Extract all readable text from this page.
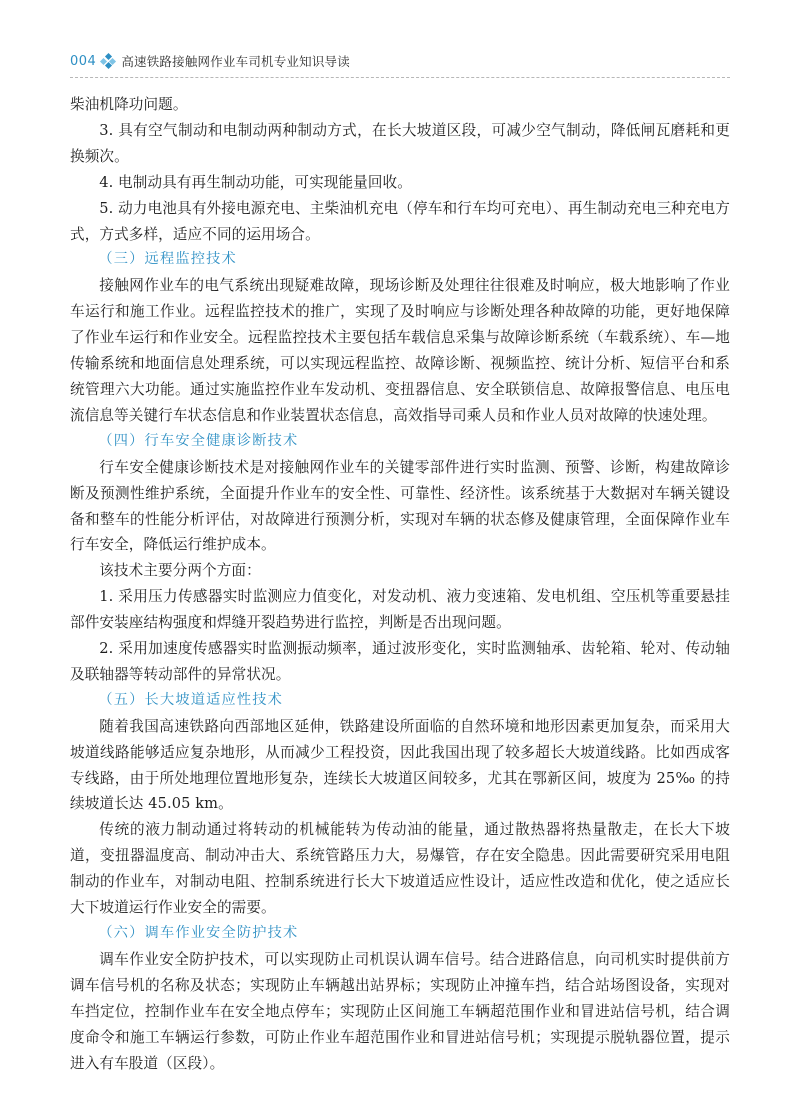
004 高速铁路接触网作业车司机专业知识导读

柴油机降功问题。

3. 具有空气制动和电制动两种制动方式，在长大坡道区段，可减少空气制动，降低闸瓦磨耗和更换频次。

4. 电制动具有再生制动功能，可实现能量回收。

5. 动力电池具有外接电源充电、主柴油机充电（停车和行车均可充电）、再生制动充电三种充电方式，方式多样，适应不同的运用场合。

（三）远程监控技术

接触网作业车的电气系统出现疑难故障，现场诊断及处理往往很难及时响应，极大地影响了作业车运行和施工作业。远程监控技术的推广，实现了及时响应与诊断处理各种故障的功能，更好地保障了作业车运行和作业安全。远程监控技术主要包括车载信息采集与故障诊断系统（车载系统）、车—地传输系统和地面信息处理系统，可以实现远程监控、故障诊断、视频监控、统计分析、短信平台和系统管理六大功能。通过实施监控作业车发动机、变扭器信息、安全联锁信息、故障报警信息、电压电流信息等关键行车状态信息和作业装置状态信息，高效指导司乘人员和作业人员对故障的快速处理。

（四）行车安全健康诊断技术

行车安全健康诊断技术是对接触网作业车的关键零部件进行实时监测、预警、诊断，构建故障诊断及预测性维护系统，全面提升作业车的安全性、可靠性、经济性。该系统基于大数据对车辆关键设备和整车的性能分析评估，对故障进行预测分析，实现对车辆的状态修及健康管理，全面保障作业车行车安全，降低运行维护成本。

该技术主要分两个方面：

1. 采用压力传感器实时监测应力值变化，对发动机、液力变速箱、发电机组、空压机等重要悬挂部件安装座结构强度和焊缝开裂趋势进行监控，判断是否出现问题。

2. 采用加速度传感器实时监测振动频率，通过波形变化，实时监测轴承、齿轮箱、轮对、传动轴及联轴器等转动部件的异常状况。

（五）长大坡道适应性技术

随着我国高速铁路向西部地区延伸，铁路建设所面临的自然环境和地形因素更加复杂，而采用大坡道线路能够适应复杂地形，从而减少工程投资，因此我国出现了较多超长大坡道线路。比如西成客专线路，由于所处地理位置地形复杂，连续长大坡道区间较多，尤其在鄂新区间，坡度为 25‰ 的持续坡道长达 45.05 km。

传统的液力制动通过将转动的机械能转为传动油的能量，通过散热器将热量散走，在长大下坡道，变扭器温度高、制动冲击大、系统管路压力大，易爆管，存在安全隐患。因此需要研究采用电阻制动的作业车，对制动电阻、控制系统进行长大下坡道适应性设计，适应性改造和优化，使之适应长大下坡道运行作业安全的需要。

（六）调车作业安全防护技术

调车作业安全防护技术，可以实现防止司机误认调车信号。结合进路信息，向司机实时提供前方调车信号机的名称及状态；实现防止车辆越出站界标；实现防止冲撞车挡，结合站场图设备，实现对车挡定位，控制作业车在安全地点停车；实现防止区间施工车辆超范围作业和冒进站信号机，结合调度命令和施工车辆运行参数，可防止作业车超范围作业和冒进站信号机；实现提示脱轨器位置，提示进入有车股道（区段）。
